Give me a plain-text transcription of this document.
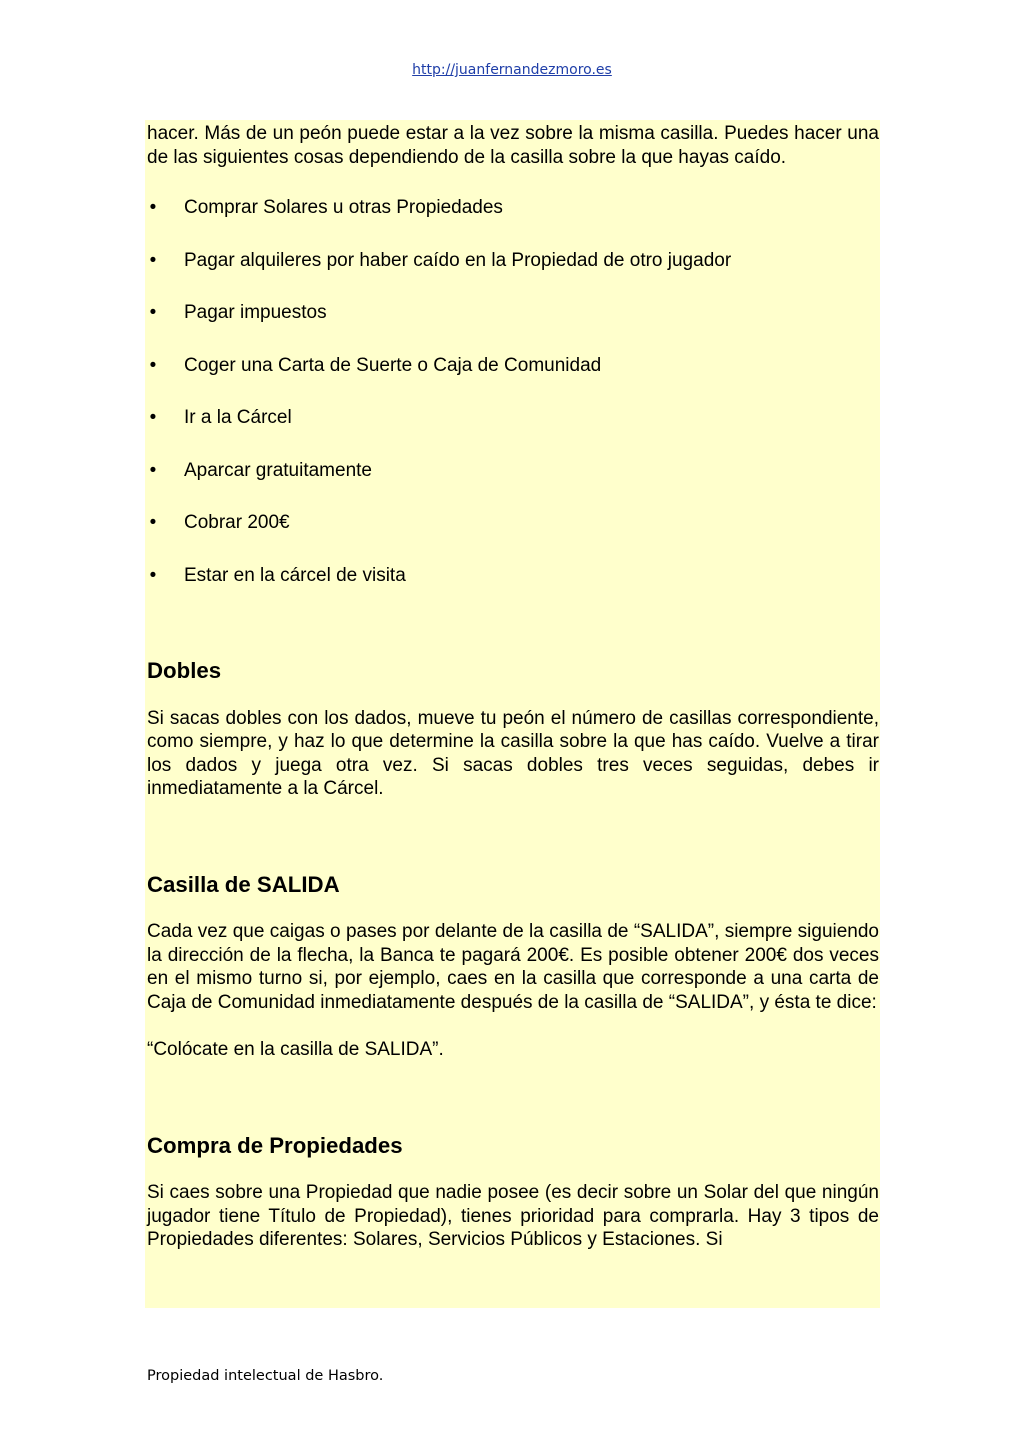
http://juanfernandezmoro.es

hacer. Más de un peón puede estar a la vez sobre la misma casilla. Puedes hacer una de las siguientes cosas dependiendo de la casilla sobre la que hayas caído.

• Comprar Solares u otras Propiedades
• Pagar alquileres por haber caído en la Propiedad de otro jugador
• Pagar impuestos
• Coger una Carta de Suerte o Caja de Comunidad
• Ir a la Cárcel
• Aparcar gratuitamente
• Cobrar 200€
• Estar en la cárcel de visita
Dobles

Si sacas dobles con los dados, mueve tu peón el número de casillas correspondiente, como siempre, y haz lo que determine la casilla sobre la que has caído. Vuelve a tirar los dados y juega otra vez. Si sacas dobles tres veces seguidas, debes ir inmediatamente a la Cárcel.

Casilla de SALIDA

Cada vez que caigas o pases por delante de la casilla de “SALIDA”, siempre siguiendo la dirección de la flecha, la Banca te pagará 200€. Es posible obtener 200€ dos veces en el mismo turno si, por ejemplo, caes en la casilla que corresponde a una carta de Caja de Comunidad inmediatamente después de la casilla de “SALIDA”, y ésta te dice:

“Colócate en la casilla de SALIDA”.

Compra de Propiedades

Si caes sobre una Propiedad que nadie posee (es decir sobre un Solar del que ningún jugador tiene Título de Propiedad), tienes prioridad para comprarla. Hay 3 tipos de Propiedades diferentes: Solares, Servicios Públicos y Estaciones. Si

Propiedad intelectual de Hasbro.
